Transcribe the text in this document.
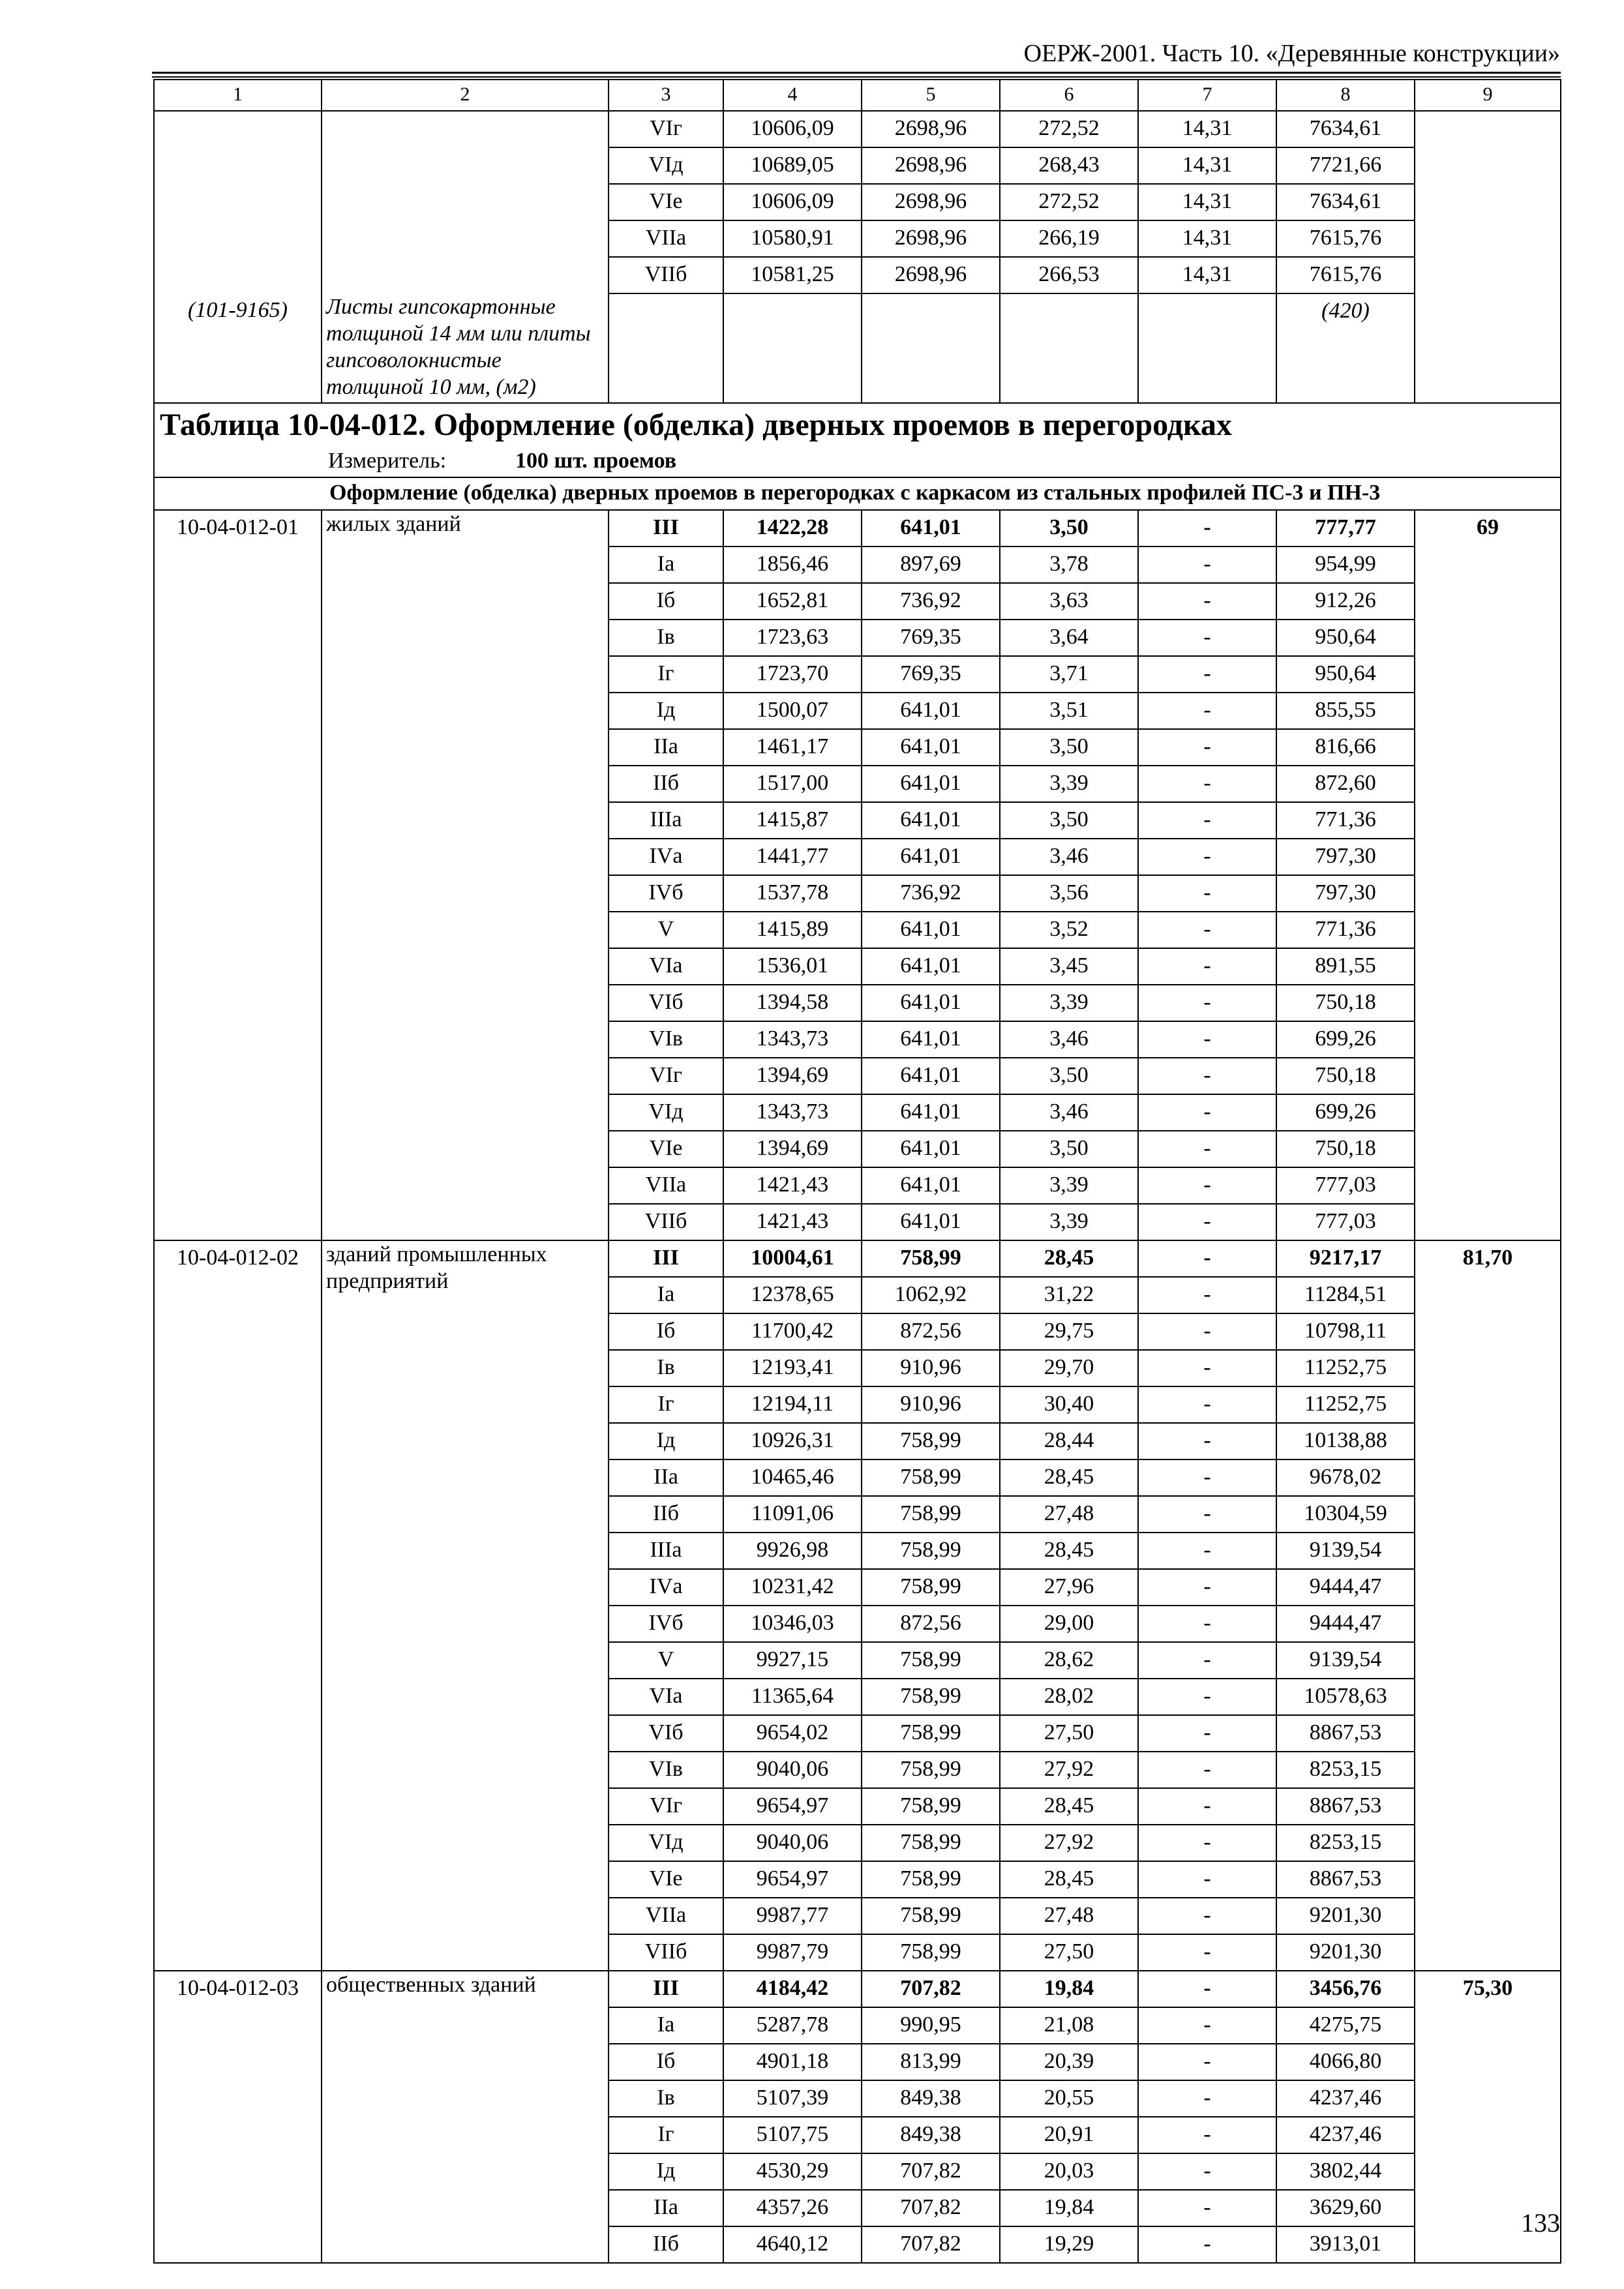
ОЕРЖ-2001. Часть 10. «Деревянные конструкции»
1	2	3	4	5	6	7	8	9
		VIг	10606,09	2698,96	272,52	14,31	7634,61	
		VIд	10689,05	2698,96	268,43	14,31	7721,66	
		VIе	10606,09	2698,96	272,52	14,31	7634,61	
		VIIа	10580,91	2698,96	266,19	14,31	7615,76	
		VIIб	10581,25	2698,96	266,53	14,31	7615,76	
(101-9165)	Листы гипсокартонные толщиной 14 мм или плиты гипсоволокнистые толщиной 10 мм, (м2)						(420)	
Таблица 10-04-012. Оформление (обделка) дверных проемов в перегородках								
Измеритель: 100 шт. проемов								
Оформление (обделка) дверных проемов в перегородках с каркасом из стальных профилей ПС-3 и ПН-3								
10-04-012-01	жилых зданий	III	1422,28	641,01	3,50	-	777,77	69
		Iа	1856,46	897,69	3,78	-	954,99	
		Iб	1652,81	736,92	3,63	-	912,26	
		Iв	1723,63	769,35	3,64	-	950,64	
		Iг	1723,70	769,35	3,71	-	950,64	
		Iд	1500,07	641,01	3,51	-	855,55	
		IIа	1461,17	641,01	3,50	-	816,66	
		IIб	1517,00	641,01	3,39	-	872,60	
		IIIа	1415,87	641,01	3,50	-	771,36	
		IVа	1441,77	641,01	3,46	-	797,30	
		IVб	1537,78	736,92	3,56	-	797,30	
		V	1415,89	641,01	3,52	-	771,36	
		VIа	1536,01	641,01	3,45	-	891,55	
		VIб	1394,58	641,01	3,39	-	750,18	
		VIв	1343,73	641,01	3,46	-	699,26	
		VIг	1394,69	641,01	3,50	-	750,18	
		VIд	1343,73	641,01	3,46	-	699,26	
		VIе	1394,69	641,01	3,50	-	750,18	
		VIIа	1421,43	641,01	3,39	-	777,03	
		VIIб	1421,43	641,01	3,39	-	777,03	
10-04-012-02	зданий промышленных предприятий	III	10004,61	758,99	28,45	-	9217,17	81,70
		Iа	12378,65	1062,92	31,22	-	11284,51	
		Iб	11700,42	872,56	29,75	-	10798,11	
		Iв	12193,41	910,96	29,70	-	11252,75	
		Iг	12194,11	910,96	30,40	-	11252,75	
		Iд	10926,31	758,99	28,44	-	10138,88	
		IIа	10465,46	758,99	28,45	-	9678,02	
		IIб	11091,06	758,99	27,48	-	10304,59	
		IIIа	9926,98	758,99	28,45	-	9139,54	
		IVа	10231,42	758,99	27,96	-	9444,47	
		IVб	10346,03	872,56	29,00	-	9444,47	
		V	9927,15	758,99	28,62	-	9139,54	
		VIа	11365,64	758,99	28,02	-	10578,63	
		VIб	9654,02	758,99	27,50	-	8867,53	
		VIв	9040,06	758,99	27,92	-	8253,15	
		VIг	9654,97	758,99	28,45	-	8867,53	
		VIд	9040,06	758,99	27,92	-	8253,15	
		VIе	9654,97	758,99	28,45	-	8867,53	
		VIIа	9987,77	758,99	27,48	-	9201,30	
		VIIб	9987,79	758,99	27,50	-	9201,30	
10-04-012-03	общественных зданий	III	4184,42	707,82	19,84	-	3456,76	75,30
		Iа	5287,78	990,95	21,08	-	4275,75	
		Iб	4901,18	813,99	20,39	-	4066,80	
		Iв	5107,39	849,38	20,55	-	4237,46	
		Iг	5107,75	849,38	20,91	-	4237,46	
		Iд	4530,29	707,82	20,03	-	3802,44	
		IIа	4357,26	707,82	19,84	-	3629,60	
		IIб	4640,12	707,82	19,29	-	3913,01	
133
